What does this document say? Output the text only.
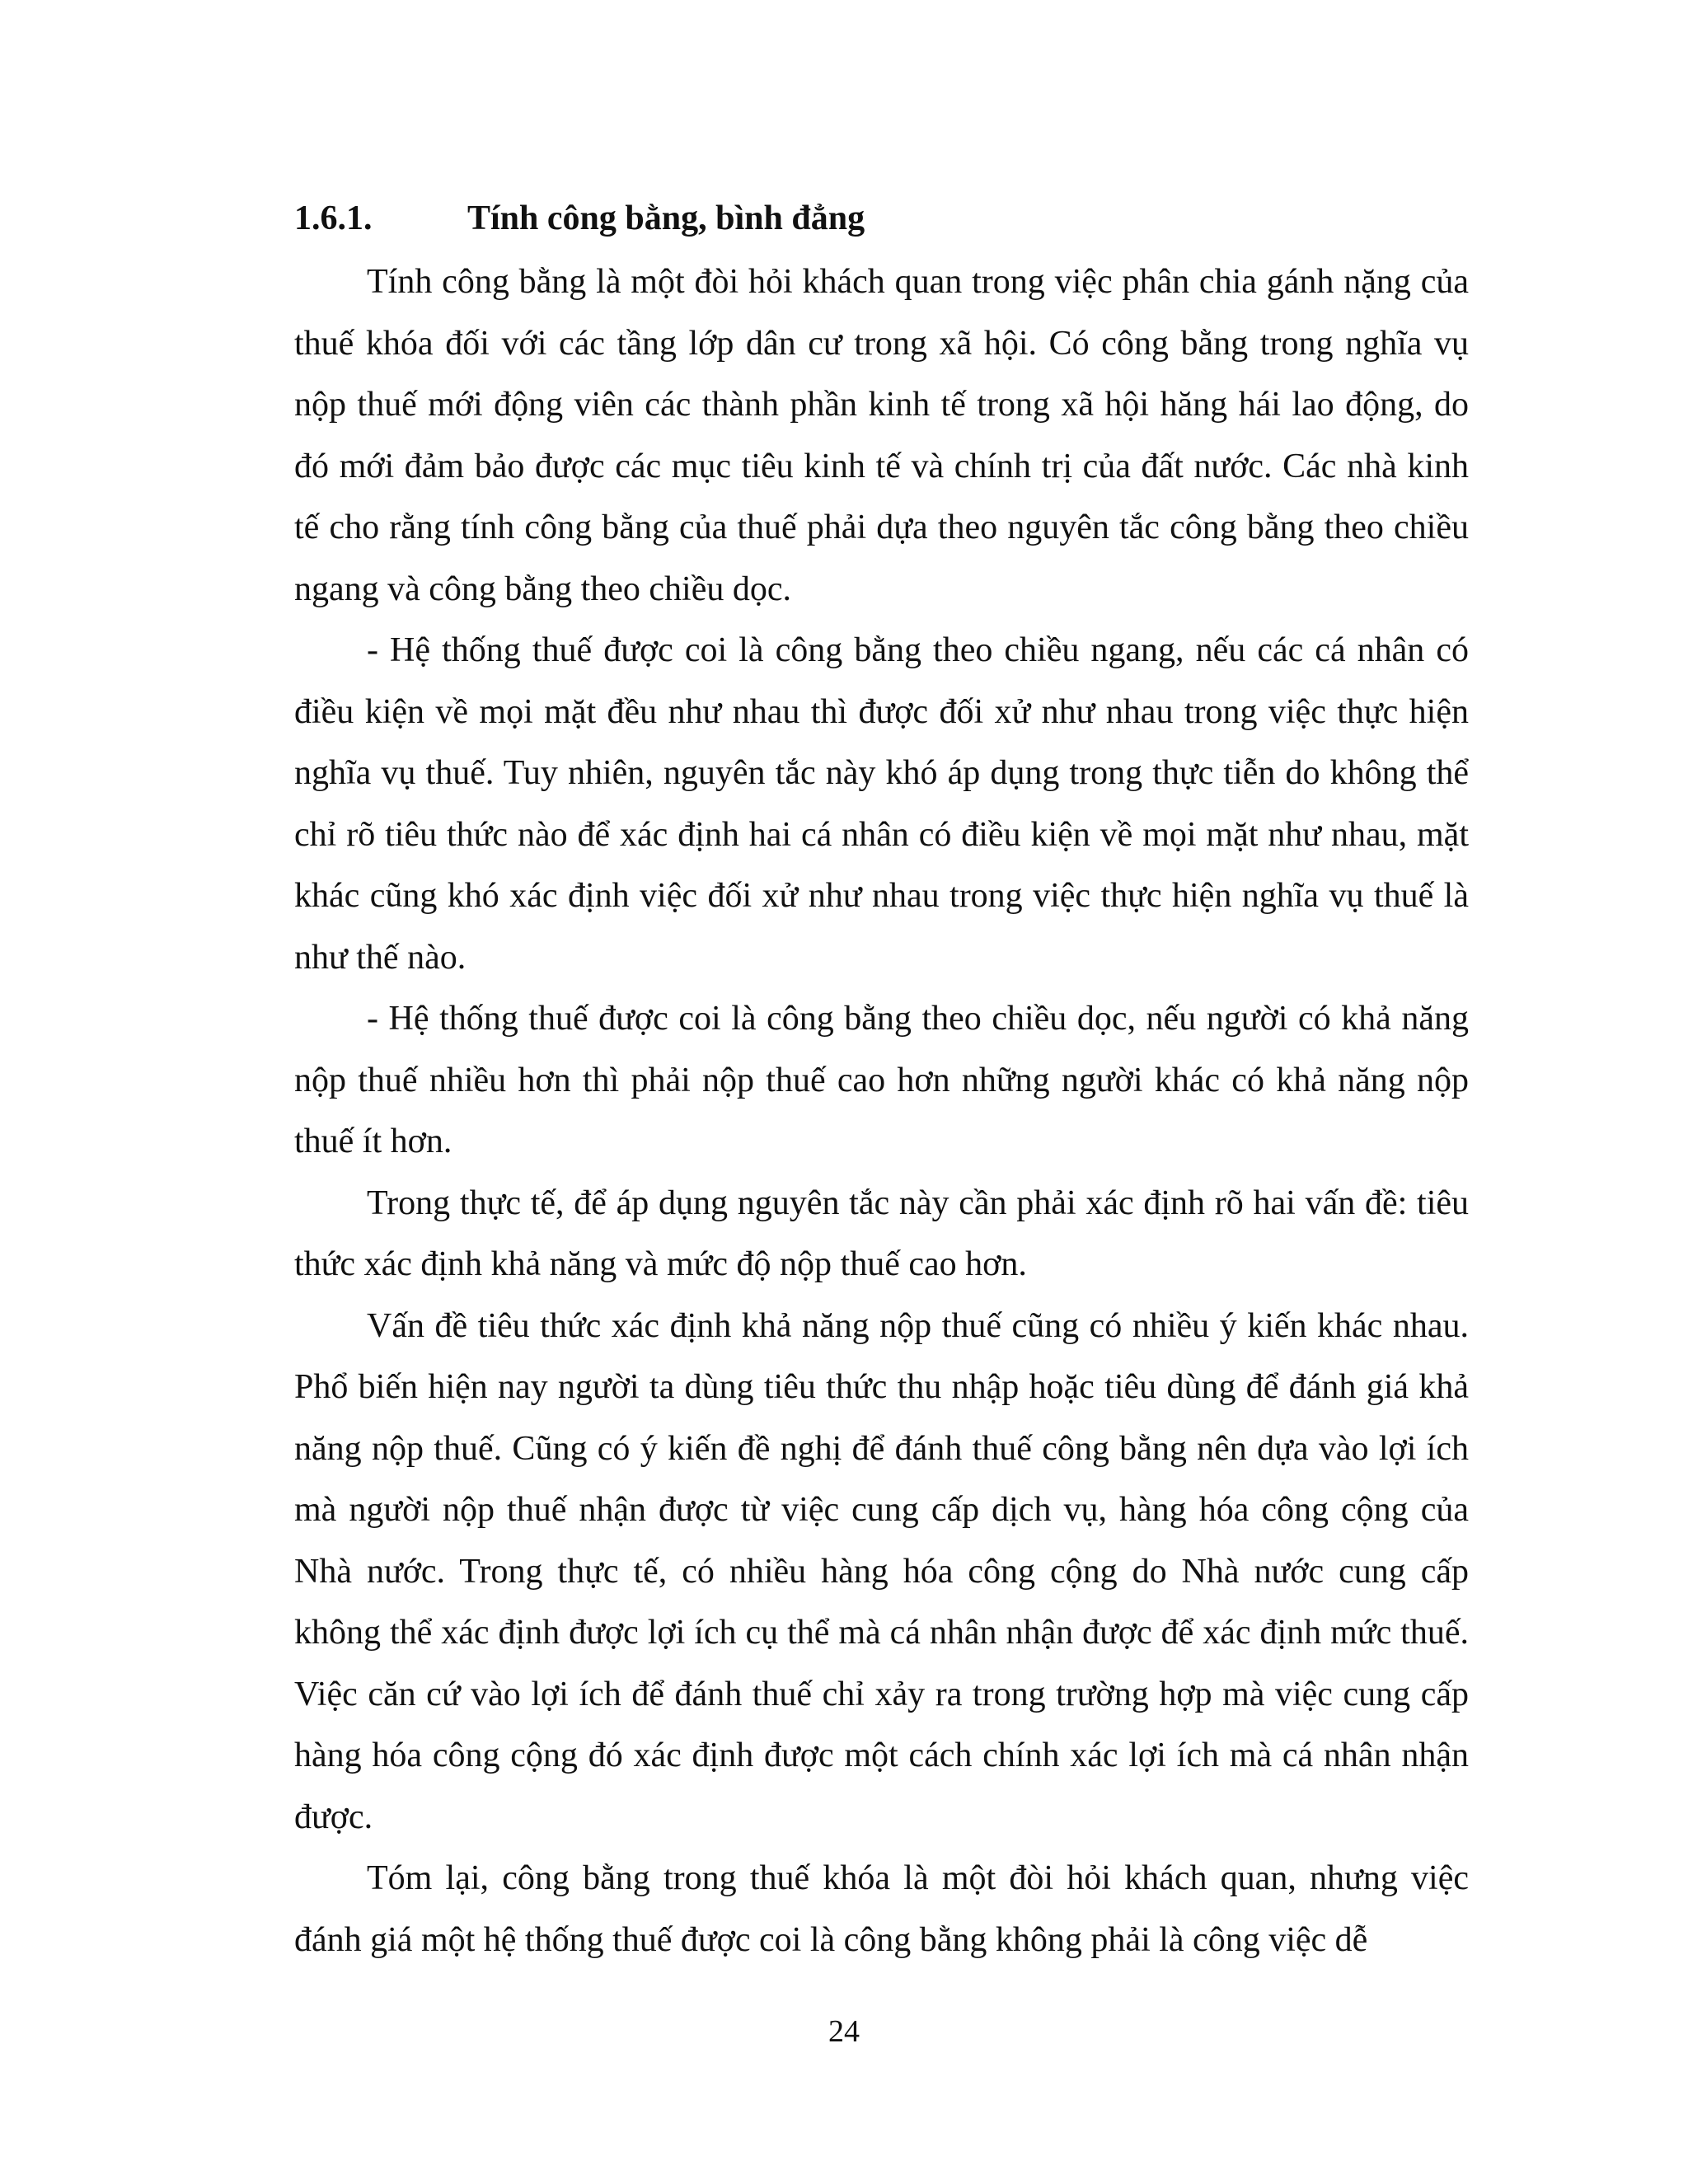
1.6.1.	Tính công bằng, bình đẳng

Tính công bằng là một đòi hỏi khách quan trong việc phân chia gánh nặng của thuế khóa đối với các tầng lớp dân cư trong xã hội. Có công bằng trong nghĩa vụ nộp thuế mới động viên các thành phần kinh tế trong xã hội hăng hái lao động, do đó mới đảm bảo được các mục tiêu kinh tế và chính trị của đất nước. Các nhà kinh tế cho rằng tính công bằng của thuế phải dựa theo nguyên tắc công bằng theo chiều ngang và công bằng theo chiều dọc.

- Hệ thống thuế được coi là công bằng theo chiều ngang, nếu các cá nhân có điều kiện về mọi mặt đều như nhau thì được đối xử như nhau trong việc thực hiện nghĩa vụ thuế. Tuy nhiên, nguyên tắc này khó áp dụng trong thực tiễn do không thể chỉ rõ tiêu thức nào để xác định hai cá nhân có điều kiện về mọi mặt như nhau, mặt khác cũng khó xác định việc đối xử như nhau trong việc thực hiện nghĩa vụ thuế là như thế nào.

- Hệ thống thuế được coi là công bằng theo chiều dọc, nếu người có khả năng nộp thuế nhiều hơn thì phải nộp thuế cao hơn những người khác có khả năng nộp thuế ít hơn.

Trong thực tế, để áp dụng nguyên tắc này cần phải xác định rõ hai vấn đề: tiêu thức xác định khả năng và mức độ nộp thuế cao hơn.

Vấn đề tiêu thức xác định khả năng nộp thuế cũng có nhiều ý kiến khác nhau. Phổ biến hiện nay người ta dùng tiêu thức thu nhập hoặc tiêu dùng để đánh giá khả năng nộp thuế. Cũng có ý kiến đề nghị để đánh thuế công bằng nên dựa vào lợi ích mà người nộp thuế nhận được từ việc cung cấp dịch vụ, hàng hóa công cộng của Nhà nước. Trong thực tế, có nhiều hàng hóa công cộng do Nhà nước cung cấp không thể xác định được lợi ích cụ thể mà cá nhân nhận được để xác định mức thuế. Việc căn cứ vào lợi ích để đánh thuế chỉ xảy ra trong trường hợp mà việc cung cấp hàng hóa công cộng đó xác định được một cách chính xác lợi ích mà cá nhân nhận được.

Tóm lại, công bằng trong thuế khóa là một đòi hỏi khách quan, nhưng việc đánh giá một hệ thống thuế được coi là công bằng không phải là công việc dễ

24
